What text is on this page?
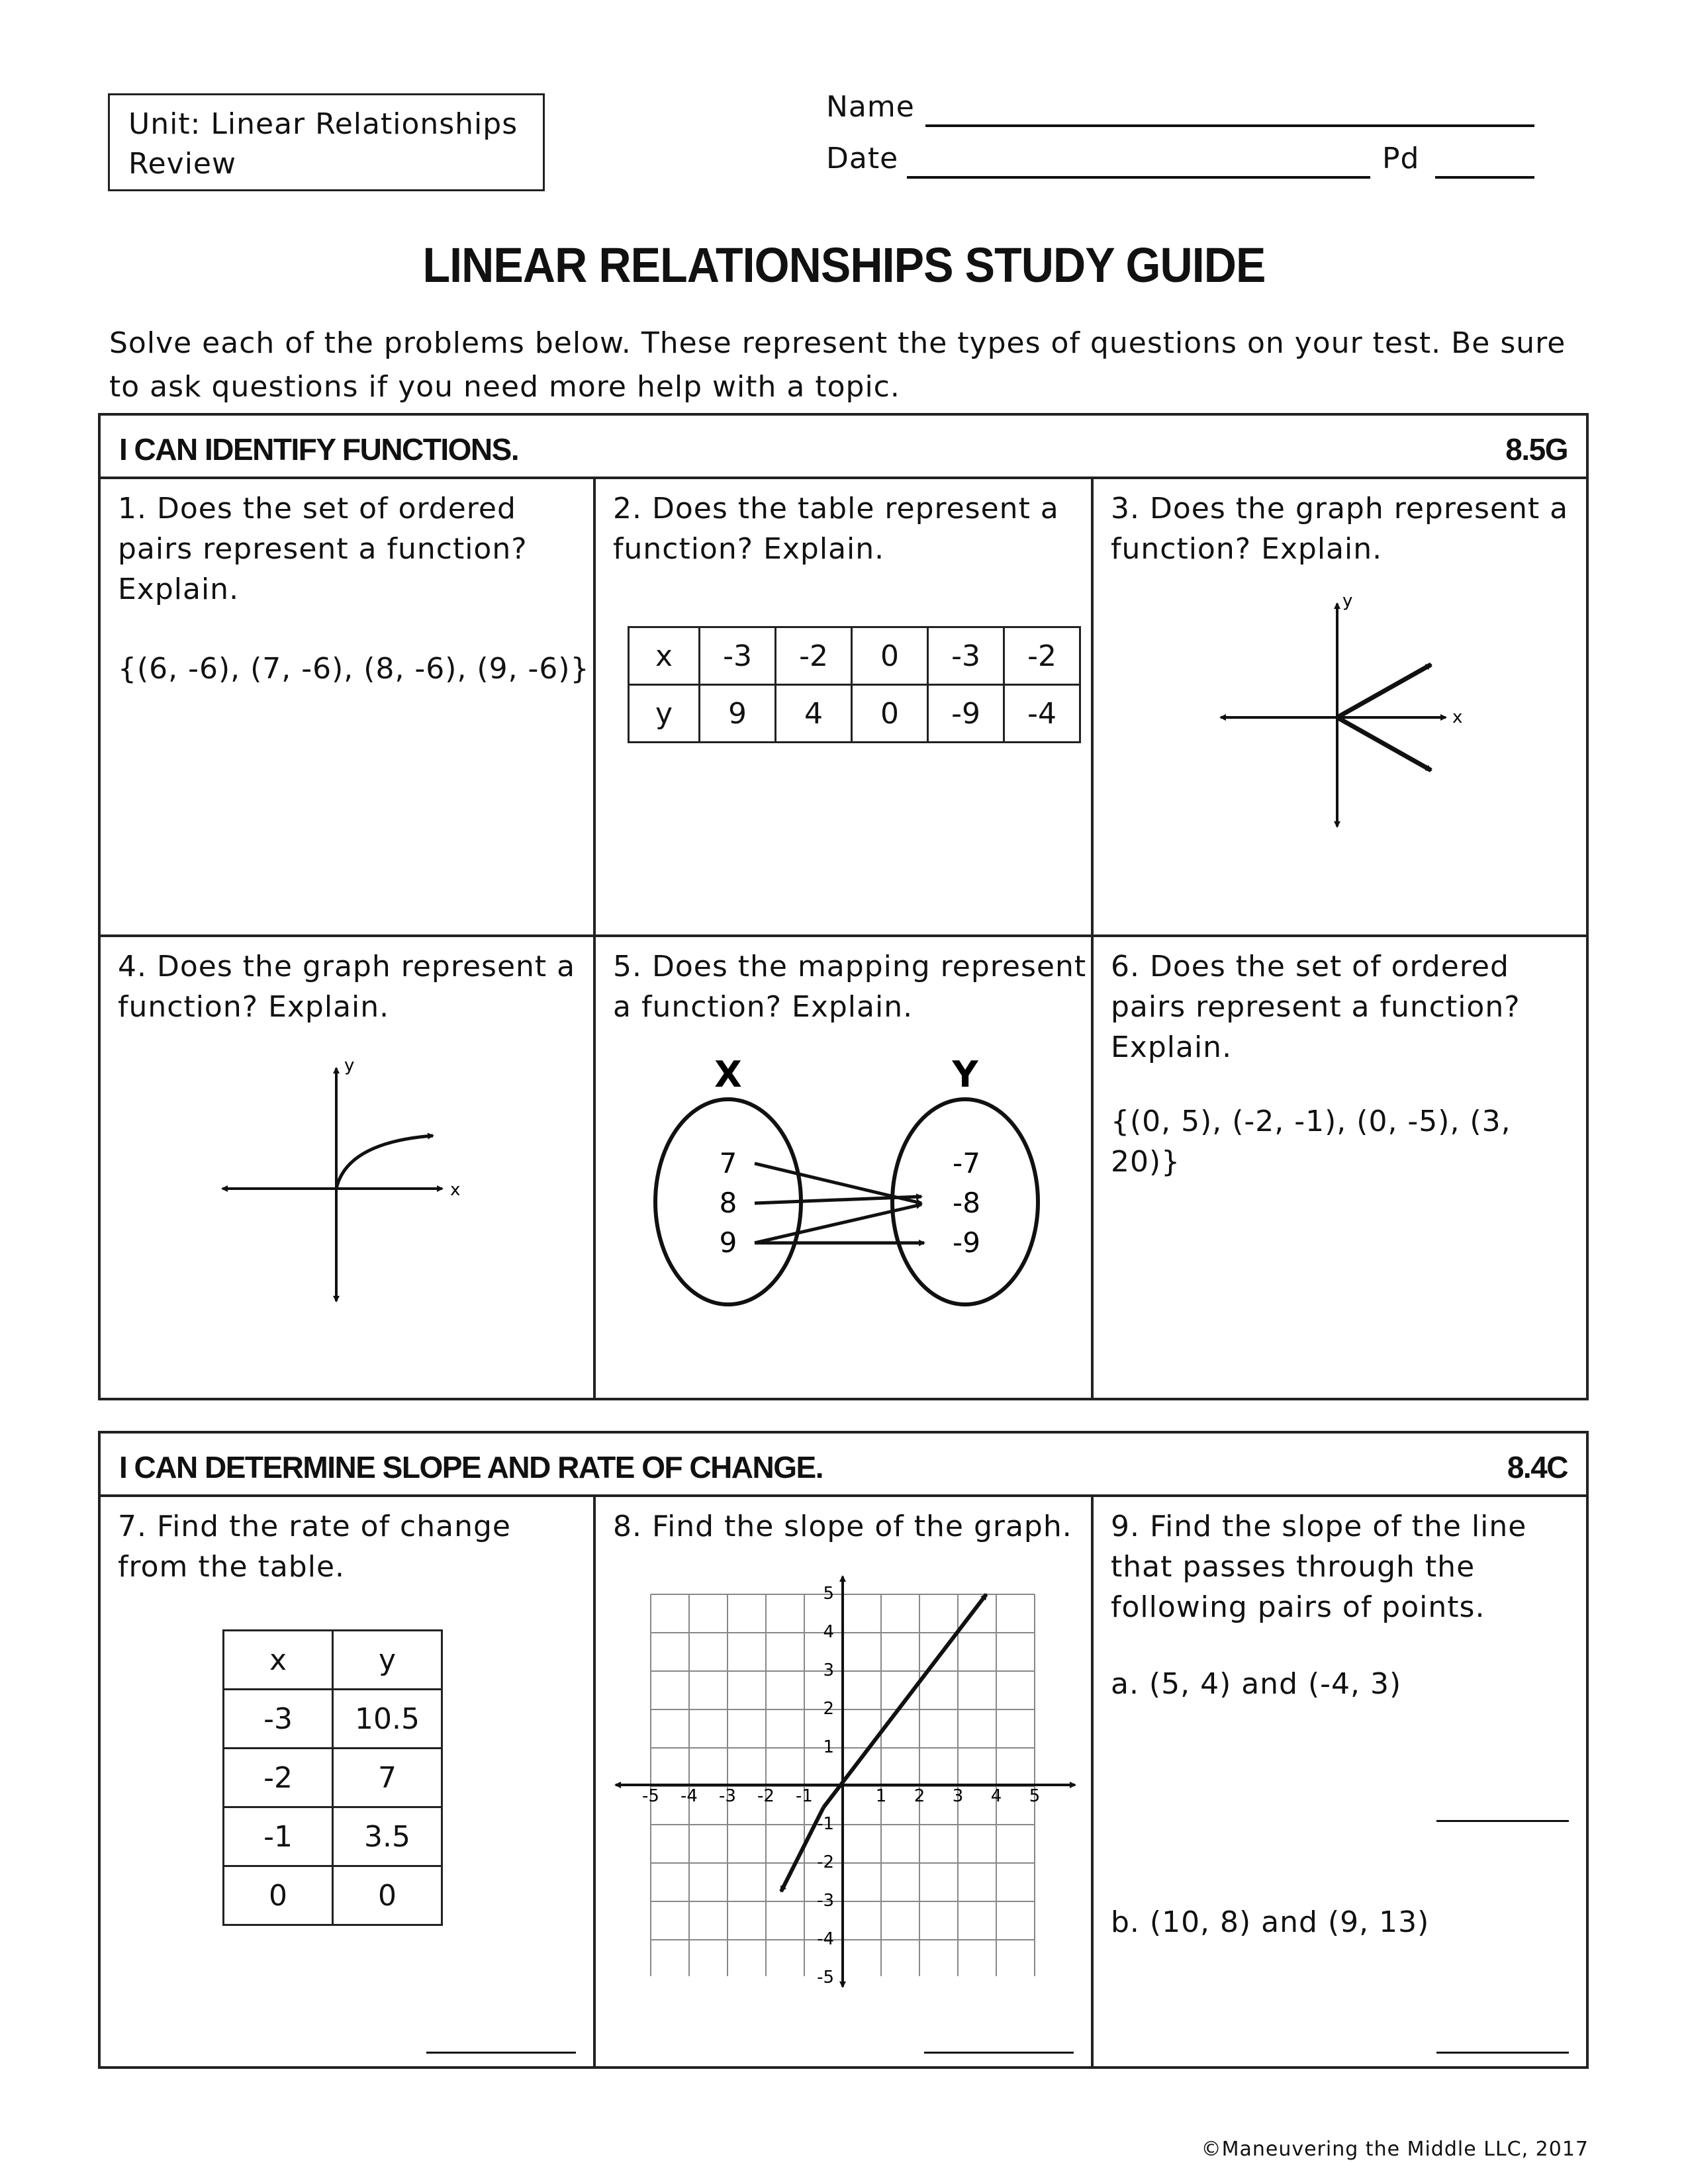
Unit: Linear Relationships
Review
Name
Date	Pd
LINEAR RELATIONSHIPS STUDY GUIDE
Solve each of the problems below. These represent the types of questions on your test. Be sure to ask questions if you need more help with a topic.
I CAN IDENTIFY FUNCTIONS.	8.5G
1. Does the set of ordered pairs represent a function? Explain.
{(6, -6), (7, -6), (8, -6), (9, -6)}
2. Does the table represent a function? Explain.
x	-3	-2	0	-3	-2
y	9	4	0	-9	-4
3. Does the graph represent a function? Explain.
y
x
4. Does the graph represent a function? Explain.
y
x
5. Does the mapping represent a function? Explain.
X	Y
7
8
9
-7
-8
-9
6. Does the set of ordered pairs represent a function? Explain.
{(0, 5), (-2, -1), (0, -5), (3, 20)}
I CAN DETERMINE SLOPE AND RATE OF CHANGE.	8.4C
7. Find the rate of change from the table.
x	y
-3	10.5
-2	7
-1	3.5
0	0
8. Find the slope of the graph.
-5 -4 -3 -2 -1	1 2 3 4 5
5
4
3
2
1
-1
-2
-3
-4
-5
9. Find the slope of the line that passes through the following pairs of points.
a. (5, 4) and (-4, 3)
b. (10, 8) and (9, 13)
©Maneuvering the Middle LLC, 2017
